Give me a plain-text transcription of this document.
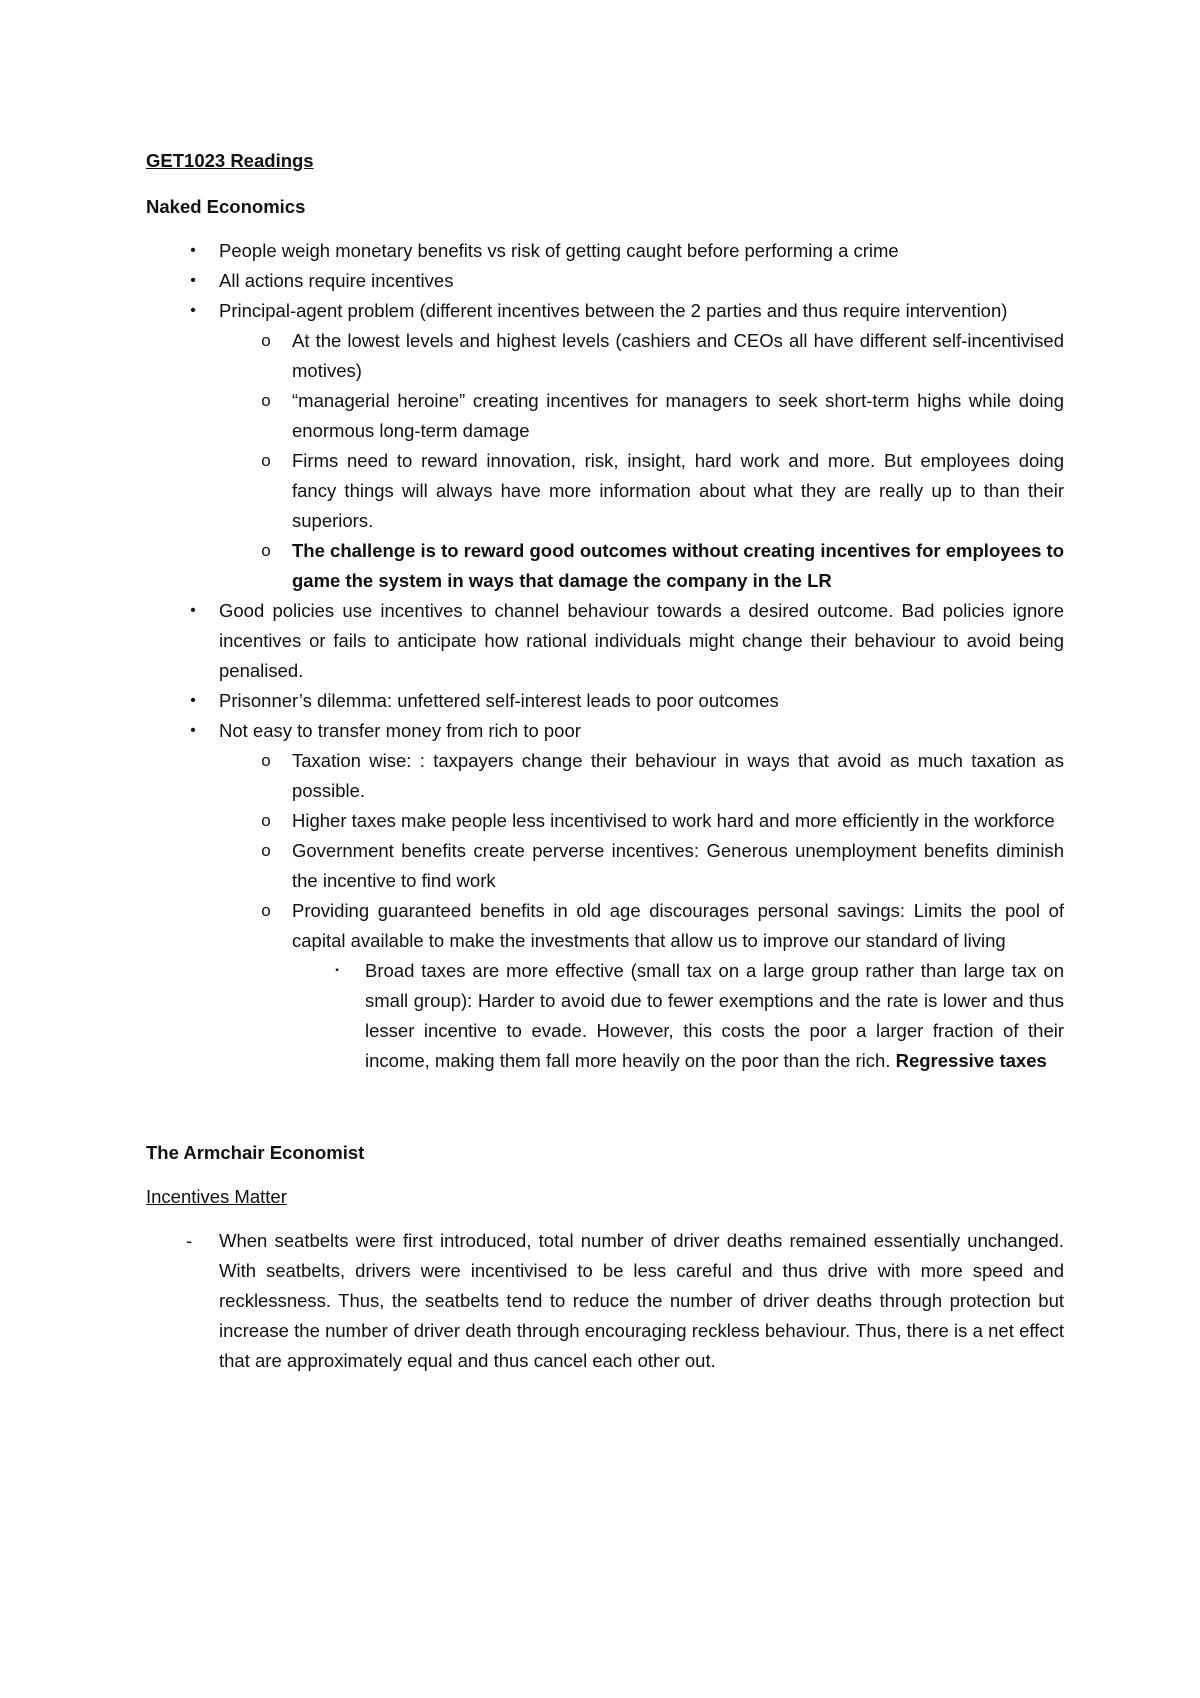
GET1023 Readings
Naked Economics
• People weigh monetary benefits vs risk of getting caught before performing a crime
• All actions require incentives
• Principal-agent problem (different incentives between the 2 parties and thus require intervention)
o At the lowest levels and highest levels (cashiers and CEOs all have different self-incentivised motives)
o “managerial heroine” creating incentives for managers to seek short-term highs while doing enormous long-term damage
o Firms need to reward innovation, risk, insight, hard work and more. But employees doing fancy things will always have more information about what they are really up to than their superiors.
o The challenge is to reward good outcomes without creating incentives for employees to game the system in ways that damage the company in the LR
• Good policies use incentives to channel behaviour towards a desired outcome. Bad policies ignore incentives or fails to anticipate how rational individuals might change their behaviour to avoid being penalised.
• Prisonner’s dilemma: unfettered self-interest leads to poor outcomes
• Not easy to transfer money from rich to poor
o Taxation wise: : taxpayers change their behaviour in ways that avoid as much taxation as possible.
o Higher taxes make people less incentivised to work hard and more efficiently in the workforce
o Government benefits create perverse incentives: Generous unemployment benefits diminish the incentive to find work
o Providing guaranteed benefits in old age discourages personal savings: Limits the pool of capital available to make the investments that allow us to improve our standard of living
▪ Broad taxes are more effective (small tax on a large group rather than large tax on small group): Harder to avoid due to fewer exemptions and the rate is lower and thus lesser incentive to evade. However, this costs the poor a larger fraction of their income, making them fall more heavily on the poor than the rich. Regressive taxes
The Armchair Economist
Incentives Matter
- When seatbelts were first introduced, total number of driver deaths remained essentially unchanged. With seatbelts, drivers were incentivised to be less careful and thus drive with more speed and recklessness. Thus, the seatbelts tend to reduce the number of driver deaths through protection but increase the number of driver death through encouraging reckless behaviour. Thus, there is a net effect that are approximately equal and thus cancel each other out.
